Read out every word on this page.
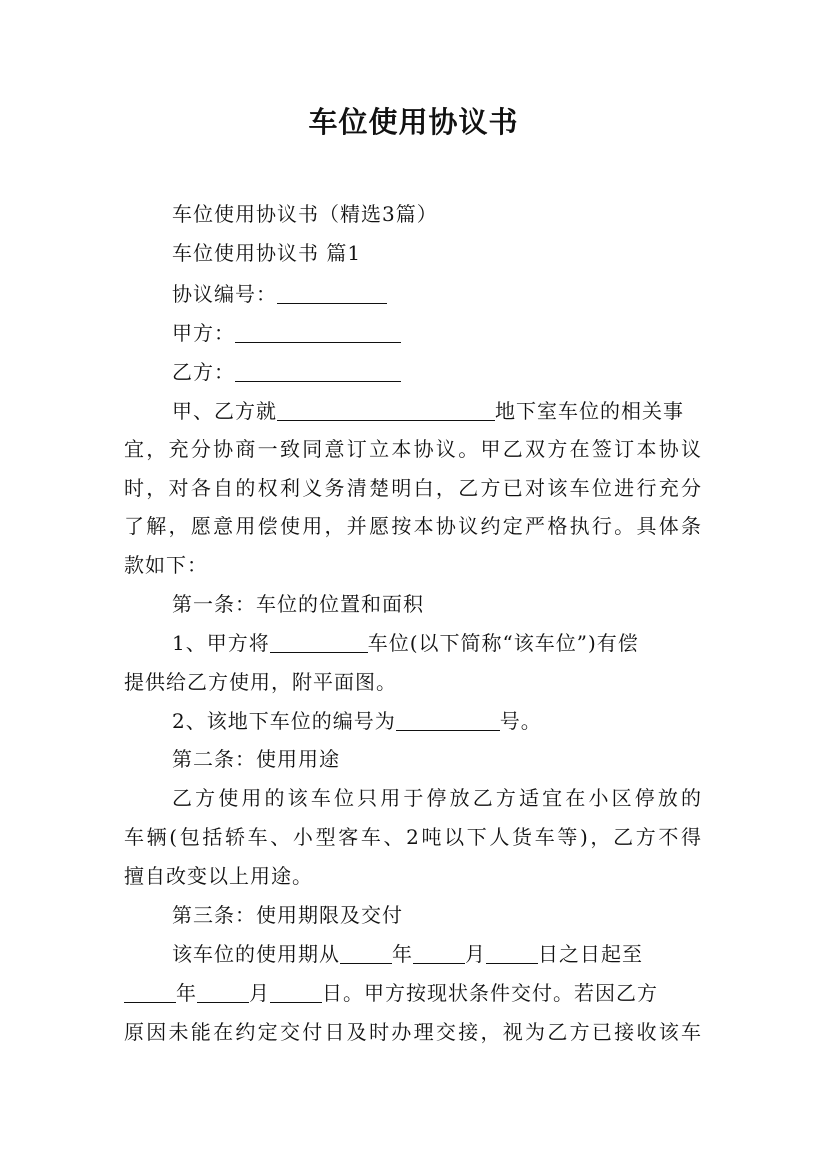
车位使用协议书
车位使用协议书（精选3篇）
车位使用协议书 篇1
协议编号：
甲方：
乙方：
甲、乙方就	地下室车位的相关事
宜，充分协商一致同意订立本协议。甲乙双方在签订本协议
时，对各自的权利义务清楚明白，乙方已对该车位进行充分
了解，愿意用偿使用，并愿按本协议约定严格执行。具体条
款如下：
第一条：车位的位置和面积
1、甲方将	车位(以下简称“该车位”)有偿
提供给乙方使用，附平面图。
2、该地下车位的编号为	号。
第二条：使用用途
乙方使用的该车位只用于停放乙方适宜在小区停放的
车辆(包括轿车、小型客车、2吨以下人货车等)，乙方不得
擅自改变以上用途。
第三条：使用期限及交付
该车位的使用期从	年	月	日之日起至
年	月	日。甲方按现状条件交付。若因乙方
原因未能在约定交付日及时办理交接，视为乙方已接收该车
